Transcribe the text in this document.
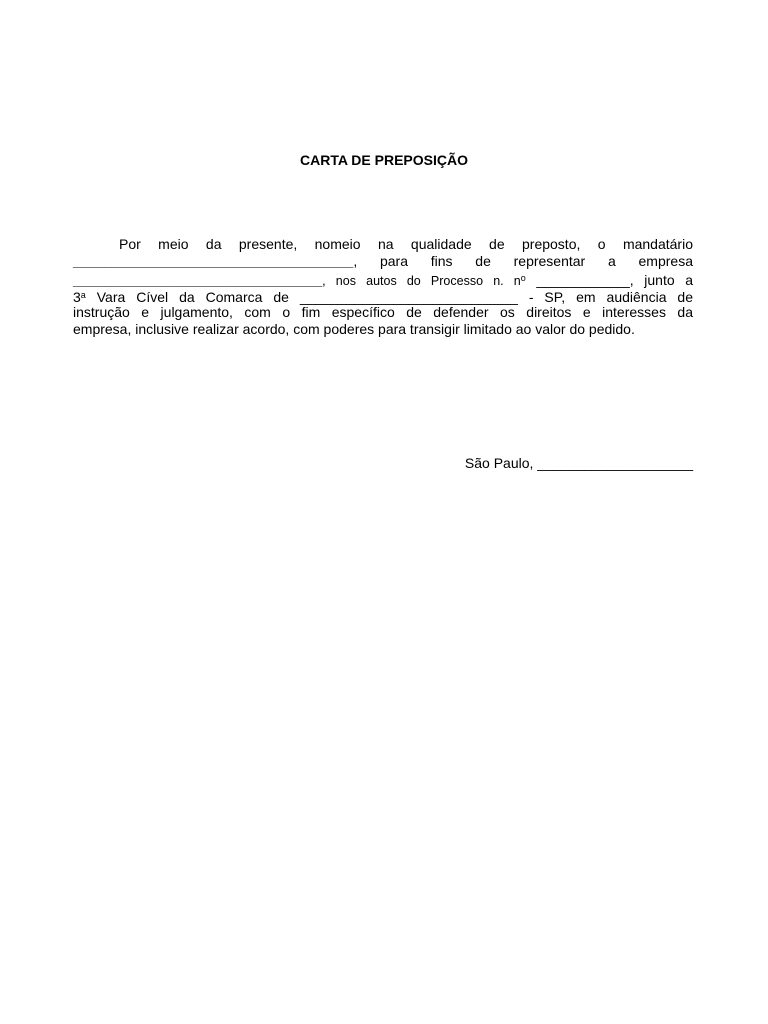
CARTA DE PREPOSIÇÃO
Por meio da presente, nomeio na qualidade de preposto, o mandatário
____________________________________, para fins de representar a empresa
________________________________, nos autos do Processo n. $n^o$ ____________, junto a
3$^a$ Vara Cível da Comarca de ____________________________ - SP, em audiência de
instrução e julgamento, com o fim específico de defender os direitos e interesses da
empresa, inclusive realizar acordo, com poderes para transigir limitado ao valor do pedido.
São Paulo, ____________________
